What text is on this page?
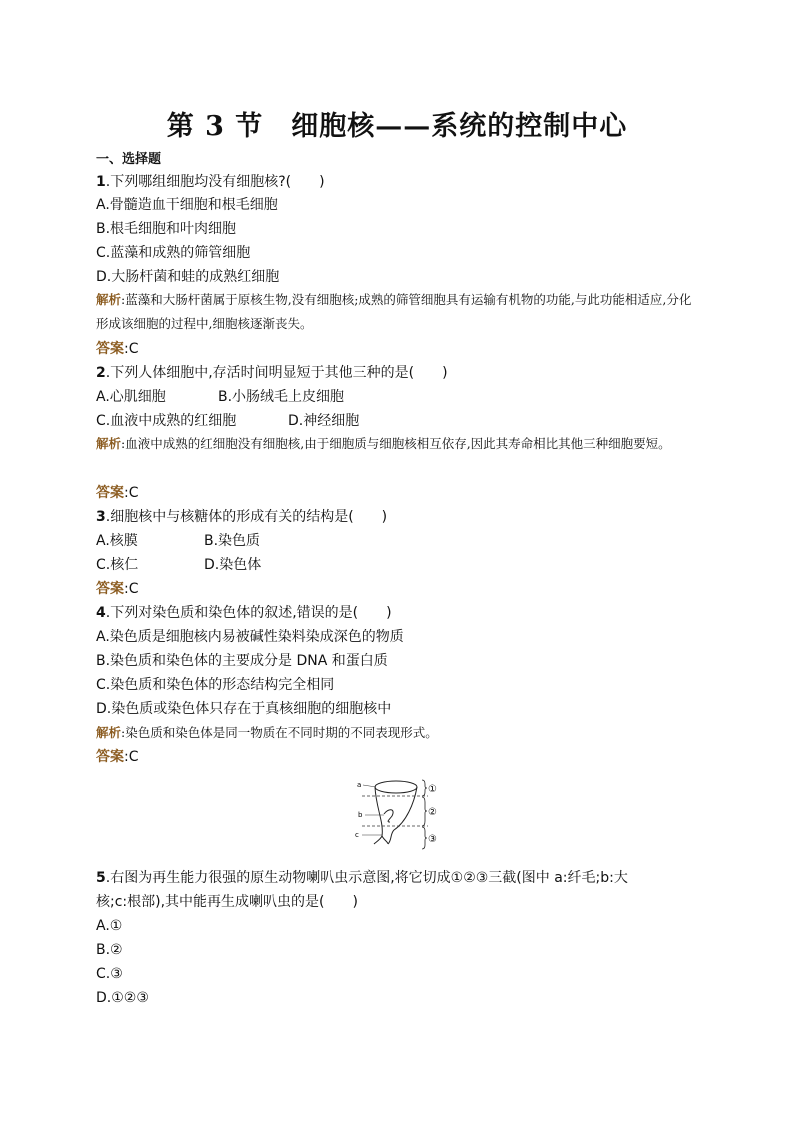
第 3 节　细胞核——系统的控制中心
一、选择题
1.下列哪组细胞均没有细胞核?(　　)
A.骨髓造血干细胞和根毛细胞
B.根毛细胞和叶肉细胞
C.蓝藻和成熟的筛管细胞
D.大肠杆菌和蛙的成熟红细胞
解析:蓝藻和大肠杆菌属于原核生物,没有细胞核;成熟的筛管细胞具有运输有机物的功能,与此功能相适应,分化形成该细胞的过程中,细胞核逐渐丧失。
答案:C
2.下列人体细胞中,存活时间明显短于其他三种的是(　　)
A.心肌细胞	B.小肠绒毛上皮细胞
C.血液中成熟的红细胞	D.神经细胞
解析:血液中成熟的红细胞没有细胞核,由于细胞质与细胞核相互依存,因此其寿命相比其他三种细胞要短。
答案:C
3.细胞核中与核糖体的形成有关的结构是(　　)
A.核膜	B.染色质
C.核仁	D.染色体
答案:C
4.下列对染色质和染色体的叙述,错误的是(　　)
A.染色质是细胞核内易被碱性染料染成深色的物质
B.染色质和染色体的主要成分是 DNA 和蛋白质
C.染色质和染色体的形态结构完全相同
D.染色质或染色体只存在于真核细胞的细胞核中
解析:染色质和染色体是同一物质在不同时期的不同表现形式。
答案:C
a
b
c
①
②
③
5.右图为再生能力很强的原生动物喇叭虫示意图,将它切成①②③三截(图中 a:纤毛;b:大
核;c:根部),其中能再生成喇叭虫的是(　　)
A.①
B.②
C.③
D.①②③
